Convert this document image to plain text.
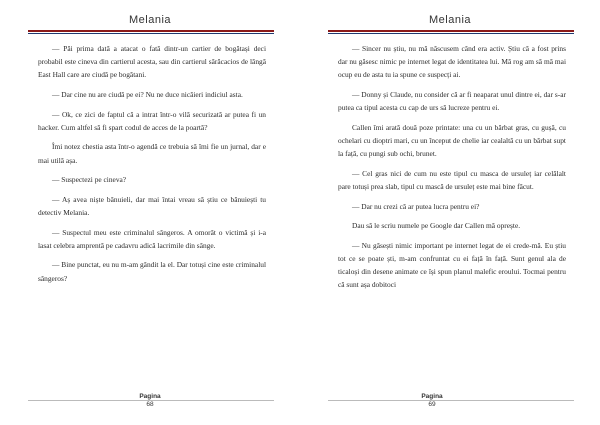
Melania

— Păi prima dată a atacat o fată dintr-un cartier de bogătași deci probabil este cineva din cartierul acesta, sau din cartierul sărăcacios de lângă East Hall care are ciudă pe bogătani.

— Dar cine nu are ciudă pe ei? Nu ne duce nicăieri indiciul asta.

— Ok, ce zici de faptul că a intrat într-o vilă securizată ar putea fi un hacker. Cum altfel să fi spart codul de acces de la poartă?

Îmi notez chestia asta într-o agendă ce trebuia să îmi fie un jurnal, dar e mai utilă așa.

— Suspectezi pe cineva?

— Aș avea niște bănuieli, dar mai întai vreau să știu ce bănuiești tu detectiv Melania.

— Suspectul meu este criminalul sângeros. A omorât o victimă și i-a lasat celebra amprentă pe cadavru adică lacrimile din sânge.

— Bine punctat, eu nu m-am gândit la el. Dar totuși cine este criminalul sângeros?

Pagina
68
Melania

— Sincer nu știu, nu mă născusem când era activ. Știu că a fost prins dar nu găsesc nimic pe internet legat de identitatea lui. Mă rog am să mă mai ocup eu de asta tu ia spune ce suspecți ai.

— Donny și Claude, nu consider că ar fi neaparat unul dintre ei, dar s-ar putea ca tipul acesta cu cap de urs să lucreze pentru ei.

Callen îmi arată două poze printate: una cu un bărbat gras, cu gușă, cu ochelari cu dioptri mari, cu un început de chelie iar cealaltă cu un bărbat supt la față, cu pungi sub ochi, brunet.

— Cel gras nici de cum nu este tipul cu masca de ursuleț iar celălalt pare totuși prea slab, tipul cu mască de ursuleț este mai bine făcut.

— Dar nu crezi că ar putea lucra pentru ei?

Dau să le scriu numele pe Google dar Callen mă oprește.

— Nu găsești nimic important pe internet legat de ei crede-mă. Eu știu tot ce se poate ști, m-am confruntat cu ei față în față. Sunt genul ala de ticaloși din desene animate ce își spun planul malefic eroului. Tocmai pentru că sunt așa dobitoci

Pagina
69
